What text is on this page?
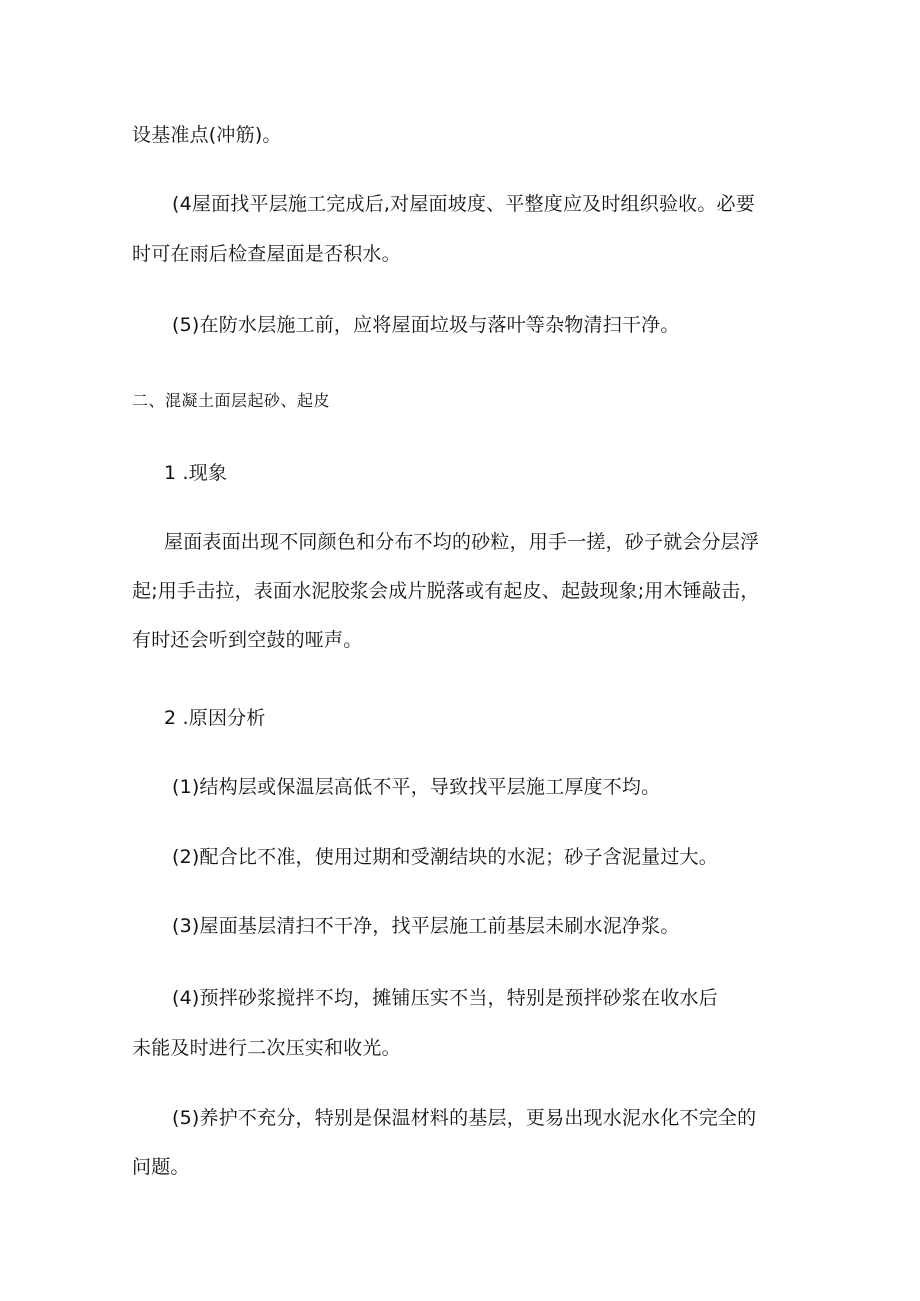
设基准点(冲筋)。
(4屋面找平层施工完成后,对屋面坡度、平整度应及时组织验收。必要
时可在雨后检查屋面是否积水。
(5)在防水层施工前，应将屋面垃圾与落叶等杂物清扫干净。
二、混凝土面层起砂、起皮
1 .现象
屋面表面出现不同颜色和分布不均的砂粒，用手一搓，砂子就会分层浮
起;用手击拉，表面水泥胶浆会成片脱落或有起皮、起鼓现象;用木锤敲击，
有时还会听到空鼓的哑声。
2 .原因分析
(1)结构层或保温层高低不平，导致找平层施工厚度不均。
(2)配合比不准，使用过期和受潮结块的水泥；砂子含泥量过大。
(3)屋面基层清扫不干净，找平层施工前基层未刷水泥净浆。
(4)预拌砂浆搅拌不均，摊铺压实不当，特别是预拌砂浆在收水后
未能及时进行二次压实和收光。
(5)养护不充分，特别是保温材料的基层，更易出现水泥水化不完全的
问题。
